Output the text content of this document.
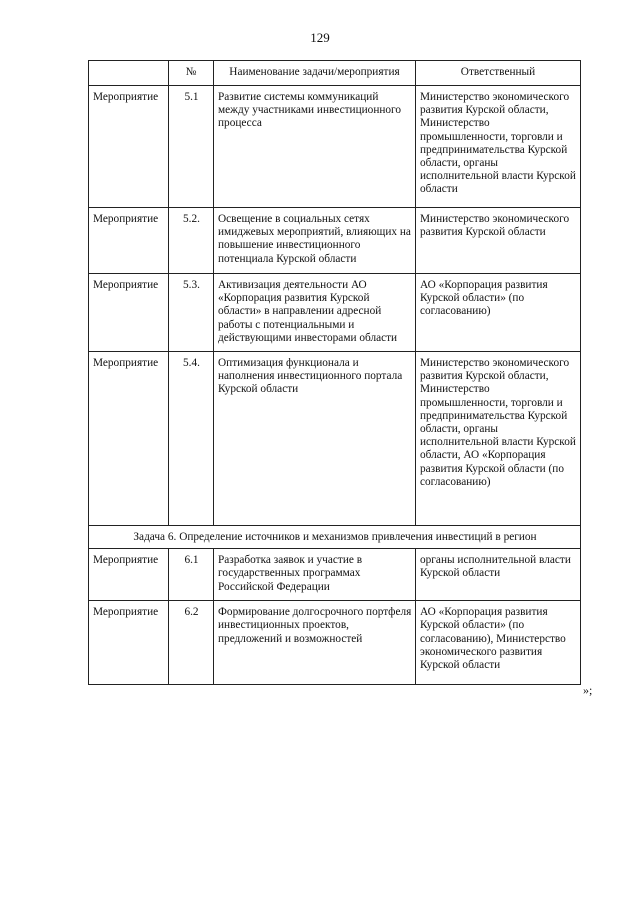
129
	№	Наименование задачи/мероприятия	Ответственный
Мероприятие	5.1	Развитие системы коммуникаций между участниками инвестиционного процесса	Министерство экономического развития Курской области, Министерство промышленности, торговли и предпринимательства Курской области, органы исполнительной власти Курской области
Мероприятие	5.2.	Освещение в социальных сетях имиджевых мероприятий, влияющих на повышение инвестиционного потенциала Курской области	Министерство экономического развития Курской области
Мероприятие	5.3.	Активизация деятельности АО «Корпорация развития Курской области» в направлении адресной работы с потенциальными и действующими инвесторами области	АО «Корпорация развития Курской области» (по согласованию)
Мероприятие	5.4.	Оптимизация функционала и наполнения инвестиционного портала Курской области	Министерство экономического развития Курской области, Министерство промышленности, торговли и предпринимательства Курской области, органы исполнительной власти Курской области, АО «Корпорация развития Курской области (по согласованию)
Задача 6. Определение источников и механизмов привлечения инвестиций в регион			
Мероприятие	6.1	Разработка заявок и участие в государственных программах Российской Федерации	органы исполнительной власти Курской области
Мероприятие	6.2	Формирование долгосрочного портфеля инвестиционных проектов, предложений и возможностей	АО «Корпорация развития Курской области» (по согласованию), Министерство экономического развития Курской области
»;
